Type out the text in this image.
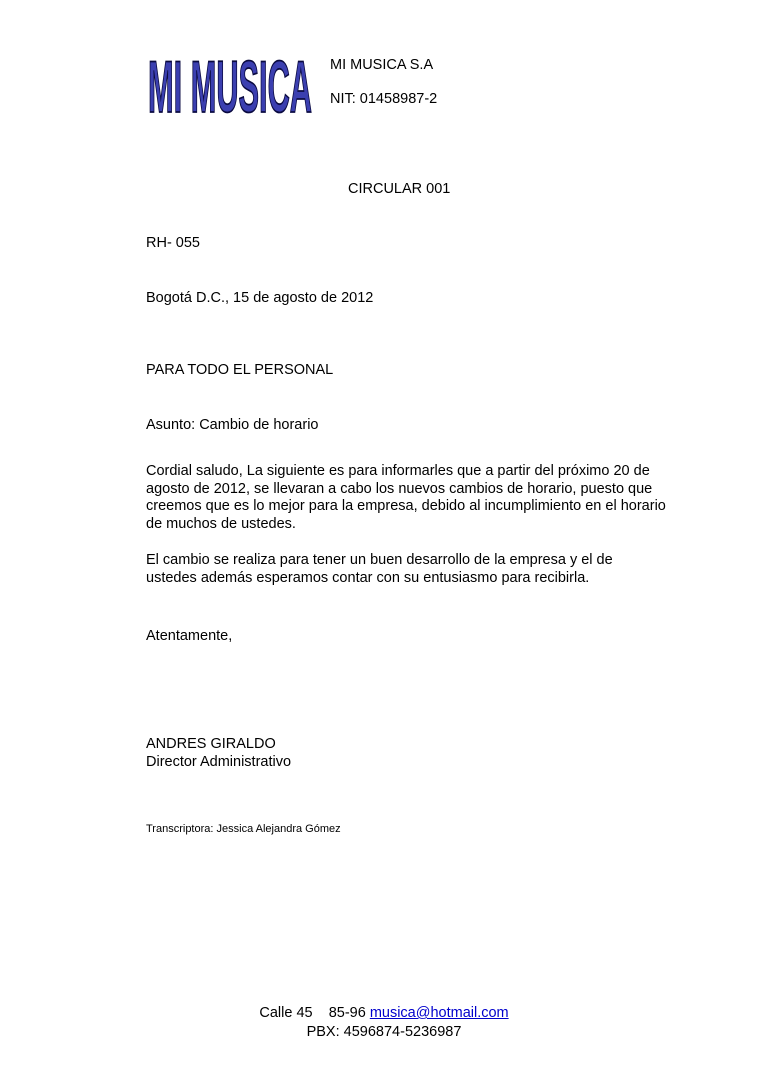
MI MUSICA MI MUSICA S.A
NIT: 01458987-2
CIRCULAR 001
RH- 055
Bogotá D.C., 15 de agosto de 2012
PARA TODO EL PERSONAL
Asunto: Cambio de horario

Cordial saludo, La siguiente es para informarles que a partir del próximo 20 de agosto de 2012, se llevaran a cabo los nuevos cambios de horario, puesto que creemos que es lo mejor para la empresa, debido al incumplimiento en el horario de muchos de ustedes.

El cambio se realiza para tener un buen desarrollo de la empresa y el de ustedes además esperamos contar con su entusiasmo para recibirla.

Atentamente,
ANDRES GIRALDO
Director Administrativo
Transcriptora: Jessica Alejandra Gómez
Calle 45    85-96 musica@hotmail.com
PBX: 4596874-5236987
